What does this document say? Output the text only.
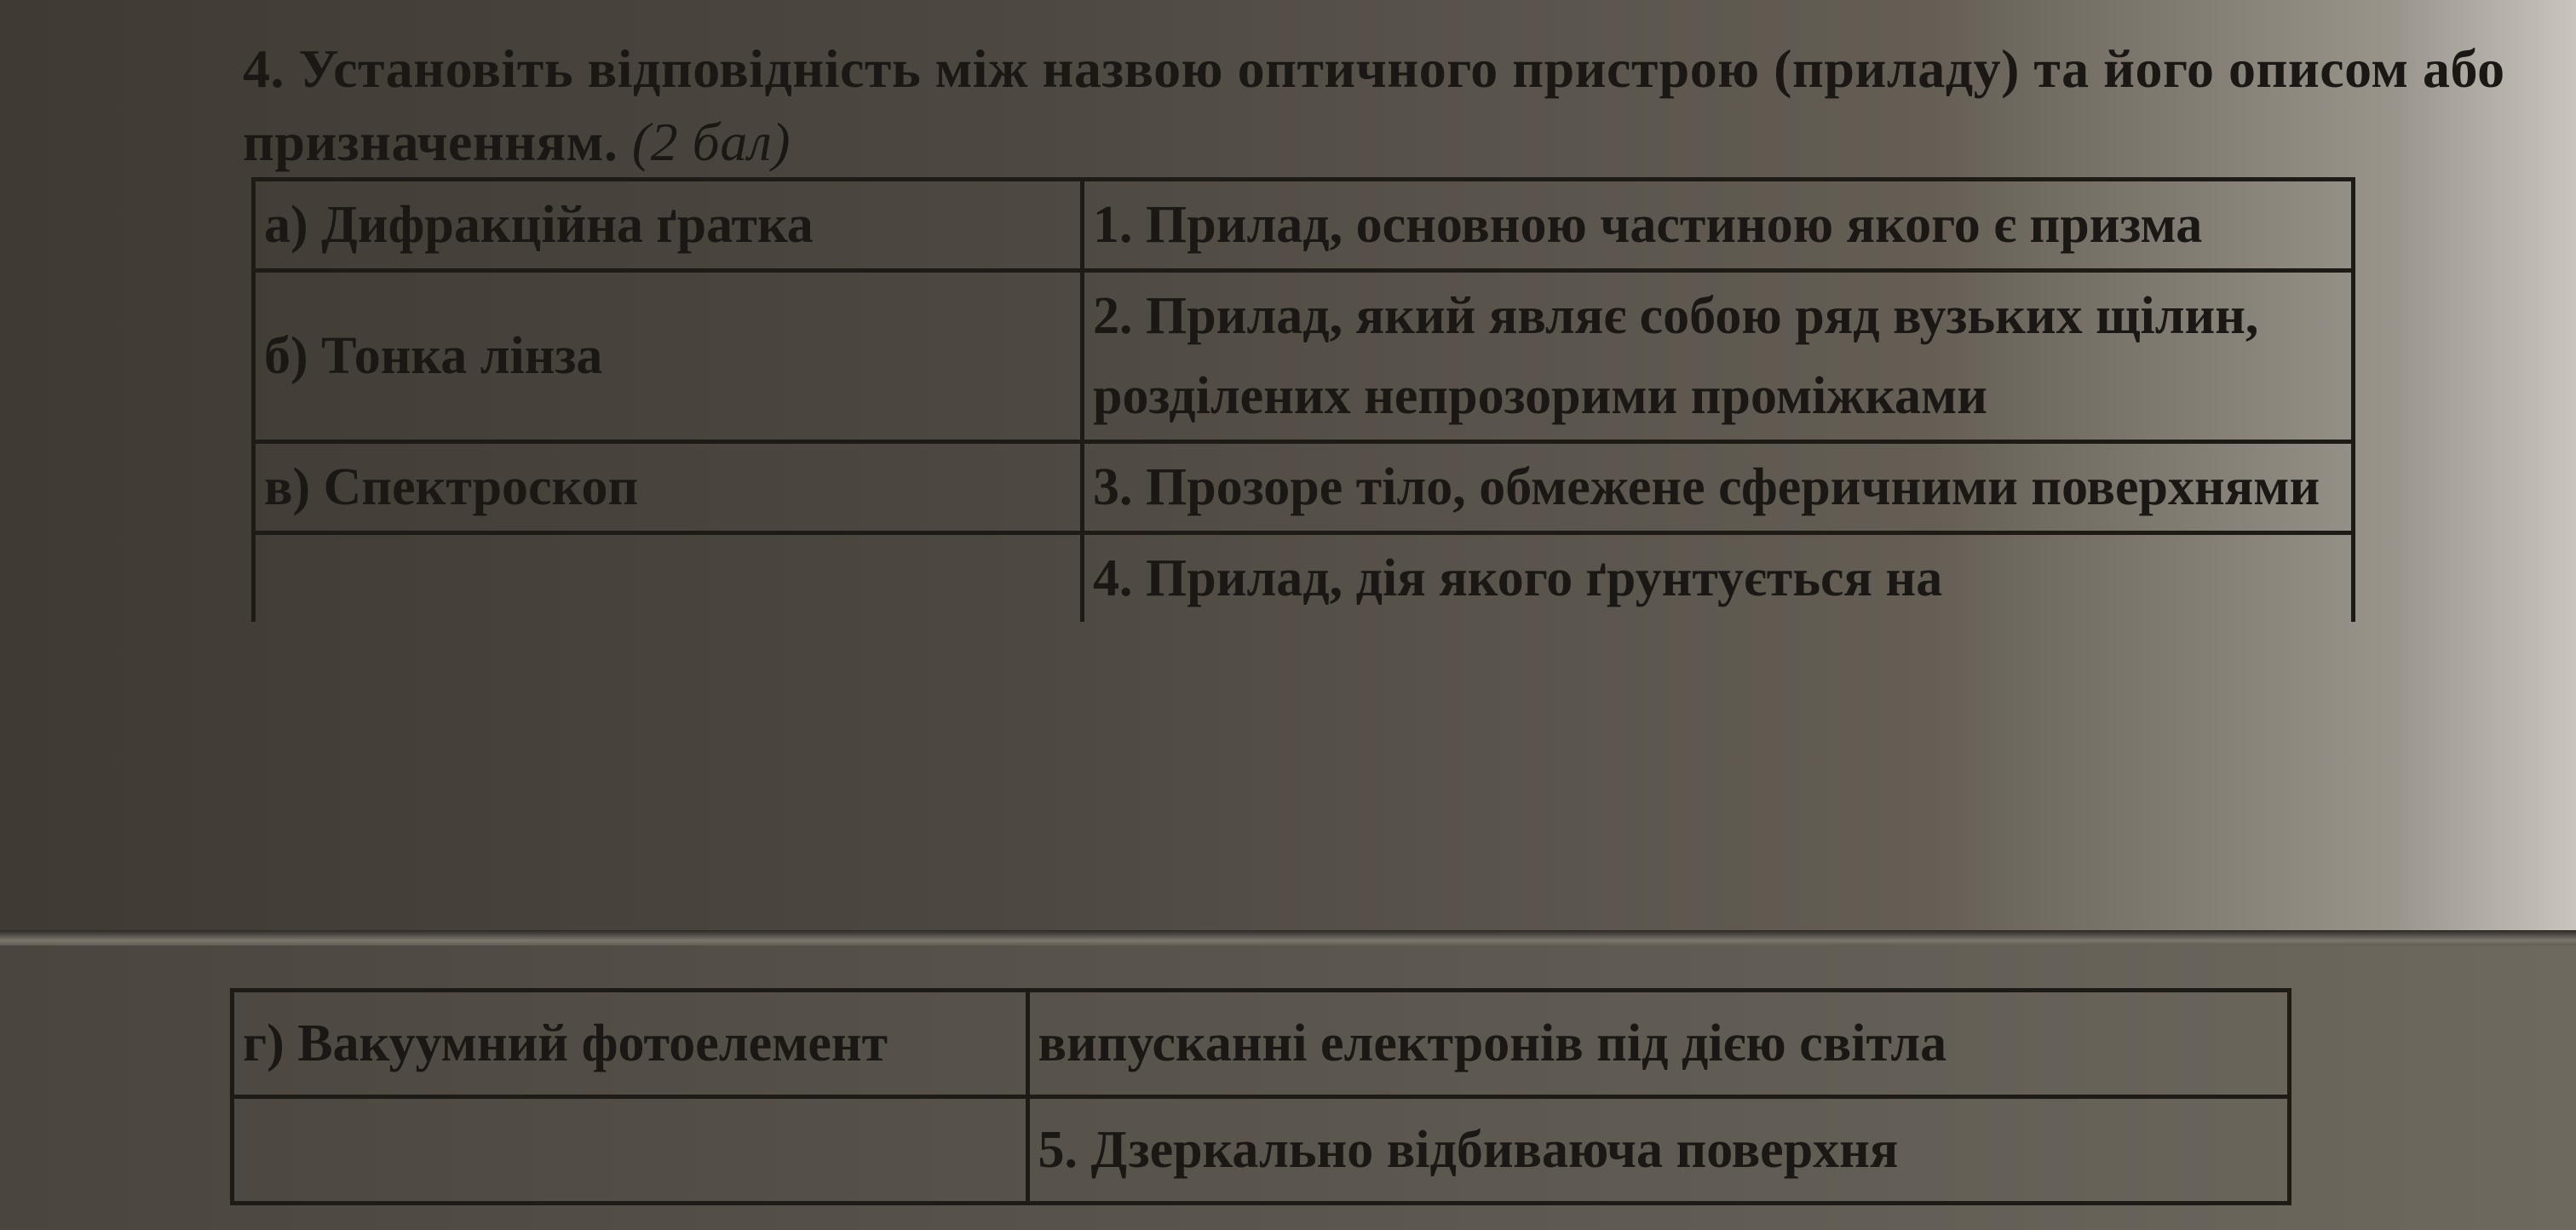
4. Установіть відповідність між назвою оптичного пристрою (приладу) та його описом або призначенням. (2 бал)
а) Дифракційна ґратка	1. Прилад, основною частиною якого є призма
б) Тонка лінза	2. Прилад, який являє собою ряд вузьких щілин, розділених непрозорими проміжками
в) Спектроскоп	3. Прозоре тіло, обмежене сферичними поверхнями
	4. Прилад, дія якого ґрунтується на
г) Вакуумний фотоелемент	випусканні електронів під дією світла
	5. Дзеркально відбиваюча поверхня
